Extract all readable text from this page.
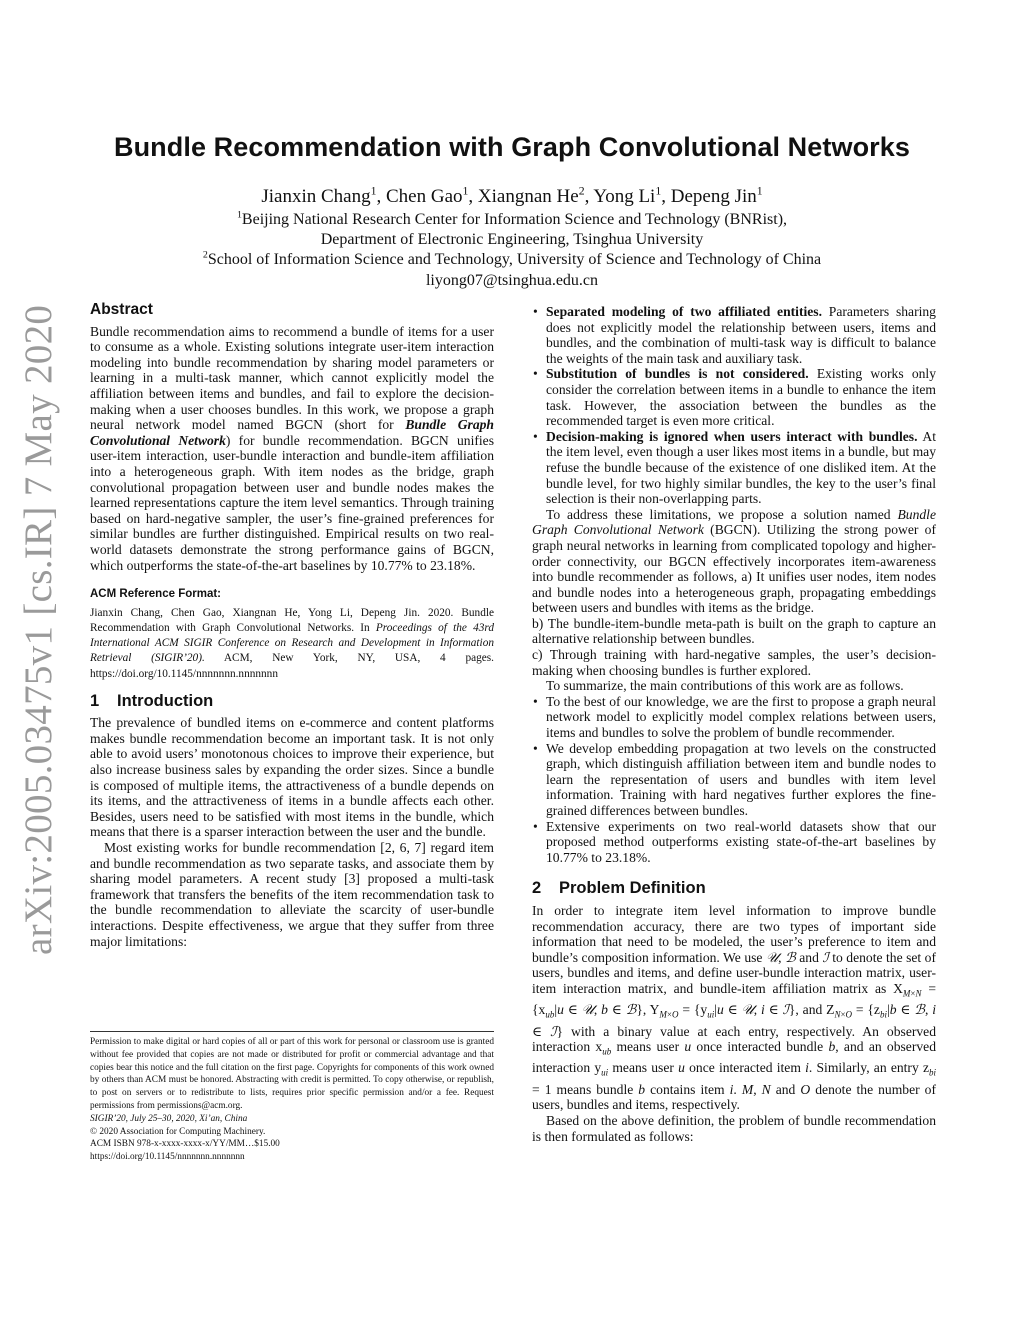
arXiv:2005.03475v1 [cs.IR] 7 May 2020
Bundle Recommendation with Graph Convolutional Networks
Jianxin Chang$^1$, Chen Gao$^1$, Xiangnan He$^2$, Yong Li$^1$, Depeng Jin$^1$
$^1$Beijing National Research Center for Information Science and Technology (BNRist),
Department of Electronic Engineering, Tsinghua University
$^2$School of Information Science and Technology, University of Science and Technology of China
liyong07@tsinghua.edu.cn
Abstract

Bundle recommendation aims to recommend a bundle of items for a user to consume as a whole. Existing solutions integrate user-item interaction modeling into bundle recommendation by sharing model parameters or learning in a multi-task manner, which cannot explicitly model the affiliation between items and bundles, and fail to explore the decision-making when a user chooses bundles. In this work, we propose a graph neural network model named BGCN (short for Bundle Graph Convolutional Network) for bundle recommendation. BGCN unifies user-item interaction, user-bundle interaction and bundle-item affiliation into a heterogeneous graph. With item nodes as the bridge, graph convolutional propagation between user and bundle nodes makes the learned representations capture the item level semantics. Through training based on hard-negative sampler, the user’s fine-grained preferences for similar bundles are further distinguished. Empirical results on two real-world datasets demonstrate the strong performance gains of BGCN, which outperforms the state-of-the-art baselines by 10.77% to 23.18%.

ACM Reference Format:

Jianxin Chang, Chen Gao, Xiangnan He, Yong Li, Depeng Jin. 2020. Bundle Recommendation with Graph Convolutional Networks. In Proceedings of the 43rd International ACM SIGIR Conference on Research and Development in Information Retrieval (SIGIR’20). ACM, New York, NY, USA, 4 pages. https://doi.org/10.1145/nnnnnnn.nnnnnnn

1 Introduction

The prevalence of bundled items on e-commerce and content platforms makes bundle recommendation become an important task. It is not only able to avoid users’ monotonous choices to improve their experience, but also increase business sales by expanding the order sizes. Since a bundle is composed of multiple items, the attractiveness of a bundle depends on its items, and the attractiveness of items in a bundle affects each other. Besides, users need to be satisfied with most items in the bundle, which means that there is a sparser interaction between the user and the bundle.

Most existing works for bundle recommendation [2, 6, 7] regard item and bundle recommendation as two separate tasks, and associate them by sharing model parameters. A recent study [3] proposed a multi-task framework that transfers the benefits of the item recommendation task to the bundle recommendation to alleviate the scarcity of user-bundle interactions. Despite effectiveness, we argue that they suffer from three major limitations:

Permission to make digital or hard copies of all or part of this work for personal or classroom use is granted without fee provided that copies are not made or distributed for profit or commercial advantage and that copies bear this notice and the full citation on the first page. Copyrights for components of this work owned by others than ACM must be honored. Abstracting with credit is permitted. To copy otherwise, or republish, to post on servers or to redistribute to lists, requires prior specific permission and/or a fee. Request permissions from permissions@acm.org.

SIGIR’20, July 25–30, 2020, Xi’an, China

© 2020 Association for Computing Machinery.

ACM ISBN 978-x-xxxx-xxxx-x/YY/MM…$15.00

https://doi.org/10.1145/nnnnnnn.nnnnnnn

• Separated modeling of two affiliated entities. Parameters sharing does not explicitly model the relationship between users, items and bundles, and the combination of multi-task way is difficult to balance the weights of the main task and auxiliary task.
• Substitution of bundles is not considered. Existing works only consider the correlation between items in a bundle to enhance the item task. However, the association between the bundles as the recommended target is even more critical.
• Decision-making is ignored when users interact with bundles. At the item level, even though a user likes most items in a bundle, but may refuse the bundle because of the existence of one disliked item. At the bundle level, for two highly similar bundles, the key to the user’s final selection is their non-overlapping parts.

To address these limitations, we propose a solution named Bundle Graph Convolutional Network (BGCN). Utilizing the strong power of graph neural networks in learning from complicated topology and higher-order connectivity, our BGCN effectively incorporates item-awareness into bundle recommender as follows, a) It unifies user nodes, item nodes and bundle nodes into a heterogeneous graph, propagating embeddings between users and bundles with items as the bridge.

b) The bundle-item-bundle meta-path is built on the graph to capture an alternative relationship between bundles.

c) Through training with hard-negative samples, the user’s decision-making when choosing bundles is further explored.

To summarize, the main contributions of this work are as follows.

• To the best of our knowledge, we are the first to propose a graph neural network model to explicitly model complex relations between users, items and bundles to solve the problem of bundle recommender.
• We develop embedding propagation at two levels on the constructed graph, which distinguish affiliation between item and bundle nodes to learn the representation of users and bundles with item level information. Training with hard negatives further explores the fine-grained differences between bundles.
• Extensive experiments on two real-world datasets show that our proposed method outperforms existing state-of-the-art baselines by 10.77% to 23.18%.
2 Problem Definition

In order to integrate item level information to improve bundle recommendation accuracy, there are two types of important side information that need to be modeled, the user’s preference to item and bundle’s composition information. We use 𝒰, ℬ and ℐ to denote the set of users, bundles and items, and define user-bundle interaction matrix, user-item interaction matrix, and bundle-item affiliation matrix as $X_{M\times N} = \{x_{ub}|u$ ∈ 𝒰, b ∈ ℬ}, $Y_{M\times O} = \{y_{ui}|u$ ∈ 𝒰, i ∈ ℐ}, and $Z_{N\times O} = \{z_{bi}|b$ ∈ ℬ, i ∈ ℐ} with a binary value at each entry, respectively. An observed interaction $x_{ub}$ means user u once interacted bundle b, and an observed interaction $y_{ui}$ means user u once interacted item i. Similarly, an entry $z_{bi} = 1$ means bundle b contains item i. M, N and O denote the number of users, bundles and items, respectively.

Based on the above definition, the problem of bundle recommendation is then formulated as follows:
